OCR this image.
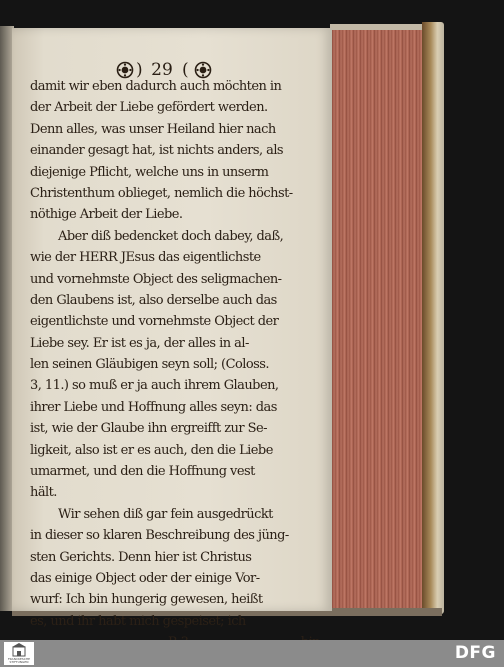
) 29 (
damit wir eben dadurch auch möchten in
der Arbeit der Liebe gefördert werden.
Denn alles, was unser Heiland hier nach
einander gesagt hat, ist nichts anders, als
diejenige Pflicht, welche uns in unserm
Christenthum oblieget, nemlich die höchst-
nöthige Arbeit der Liebe.
Aber diß bedencket doch dabey, daß,
wie der HERR JEsus das eigentlichste
und vornehmste Object des seligmachen-
den Glaubens ist, also derselbe auch das
eigentlichste und vornehmste Object der
Liebe sey. Er ist es ja, der alles in al-
len seinen Gläubigen seyn soll; (Coloss.
3, 11.) so muß er ja auch ihrem Glauben,
ihrer Liebe und Hoffnung alles seyn: das
ist, wie der Glaube ihn ergreifft zur Se-
ligkeit, also ist er es auch, den die Liebe
umarmet, und den die Hoffnung vest
hält.
Wir sehen diß gar fein ausgedrückt
in dieser so klaren Beschreibung des jüng-
sten Gerichts. Denn hier ist Christus
das einige Object oder der einige Vor-
wurf: Ich bin hungerig gewesen, heißt
es, und ihr habt mich gespeiset; ich
FRANCKESCHE STIFTUNGEN	DFG
